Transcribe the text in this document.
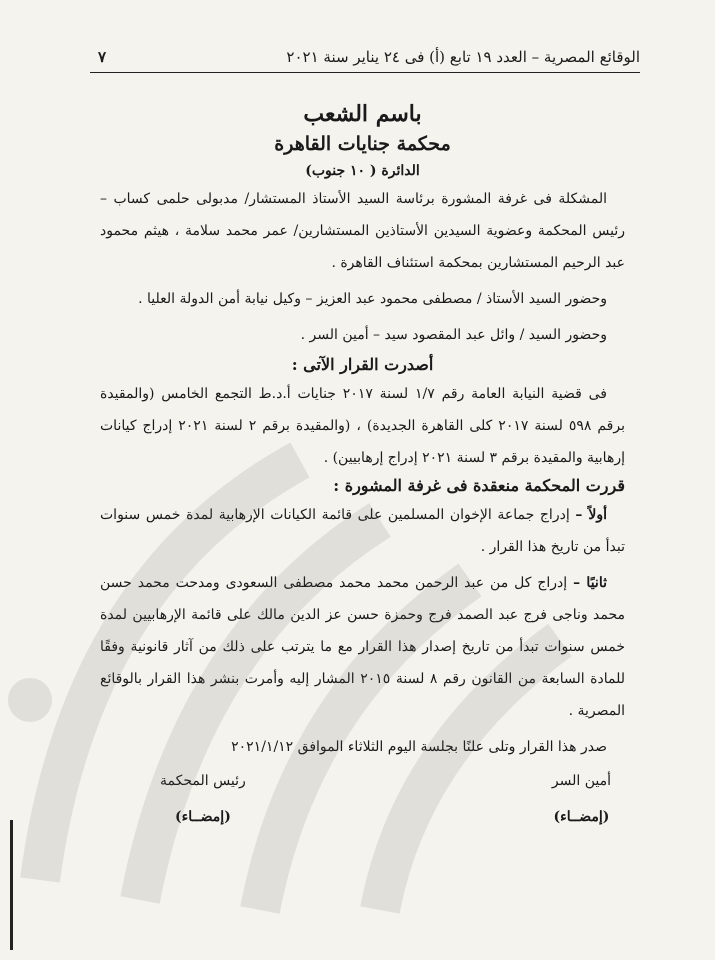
الوقائع المصرية – العدد ١٩ تابع (أ) فى ٢٤ يناير سنة ٢٠٢١
٧
باسم الشعب
محكمة جنايات القاهرة
الدائرة ( ١٠ جنوب)
المشكلة فى غرفة المشورة برئاسة السيد الأستاذ المستشار/ مدبولى حلمى كساب – رئيس المحكمة وعضوية السيدين الأستاذين المستشارين/ عمر محمد سلامة ، هيثم محمود عبد الرحيم المستشارين بمحكمة استئناف القاهرة .
وحضور السيد الأستاذ / مصطفى محمود عبد العزيز – وكيل نيابة أمن الدولة العليا .
وحضور السيد / وائل عبد المقصود سيد – أمين السر .
أصدرت القرار الآتى :
فى قضية النيابة العامة رقم ١/٧ لسنة ٢٠١٧ جنايات أ.د.ط التجمع الخامس (والمقيدة برقم ٥٩٨ لسنة ٢٠١٧ كلى القاهرة الجديدة) ، (والمقيدة برقم ٢ لسنة ٢٠٢١ إدراج كيانات إرهابية والمقيدة برقم ٣ لسنة ٢٠٢١ إدراج إرهابيين) .
قررت المحكمة منعقدة فى غرفة المشورة :
أولاً – إدراج جماعة الإخوان المسلمين على قائمة الكيانات الإرهابية لمدة خمس سنوات تبدأ من تاريخ هذا القرار .
ثانيًا – إدراج كل من عبد الرحمن محمد محمد مصطفى السعودى ومدحت محمد حسن محمد وناجى فرج عبد الصمد فرج وحمزة حسن عز الدين مالك على قائمة الإرهابيين لمدة خمس سنوات تبدأ من تاريخ إصدار هذا القرار مع ما يترتب على ذلك من آثار قانونية وفقًا للمادة السابعة من القانون رقم ٨ لسنة ٢٠١٥ المشار إليه وأمرت بنشر هذا القرار بالوقائع المصرية .
صدر هذا القرار وتلى علنًا بجلسة اليوم الثلاثاء الموافق ٢٠٢١/١/١٢
أمين السر
(إمضــاء)
رئيس المحكمة
(إمضــاء)
